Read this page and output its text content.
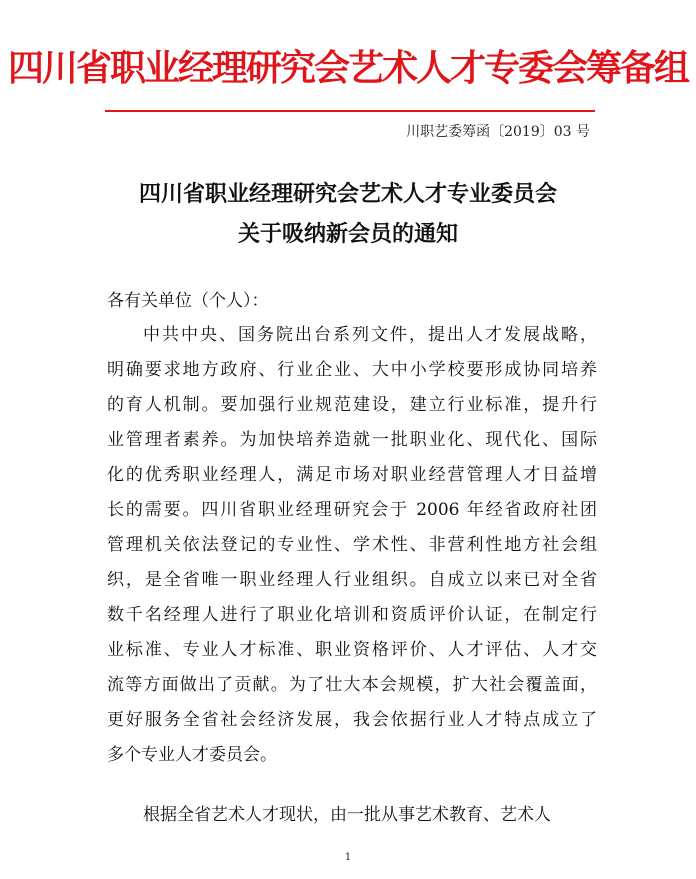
四川省职业经理研究会艺术人才专委会筹备组
川职艺委筹函〔2019〕03 号
四川省职业经理研究会艺术人才专业委员会
关于吸纳新会员的通知
各有关单位（个人）：
中共中央、国务院出台系列文件，提出人才发展战略，
明确要求地方政府、行业企业、大中小学校要形成协同培养
的育人机制。要加强行业规范建设，建立行业标准，提升行
业管理者素养。为加快培养造就一批职业化、现代化、国际
化的优秀职业经理人，满足市场对职业经营管理人才日益增
长的需要。四川省职业经理研究会于 2006 年经省政府社团
管理机关依法登记的专业性、学术性、非营利性地方社会组
织，是全省唯一职业经理人行业组织。自成立以来已对全省
数千名经理人进行了职业化培训和资质评价认证，在制定行
业标准、专业人才标准、职业资格评价、人才评估、人才交
流等方面做出了贡献。为了壮大本会规模，扩大社会覆盖面，
更好服务全省社会经济发展，我会依据行业人才特点成立了
多个专业人才委员会。
根据全省艺术人才现状，由一批从事艺术教育、艺术人
1
